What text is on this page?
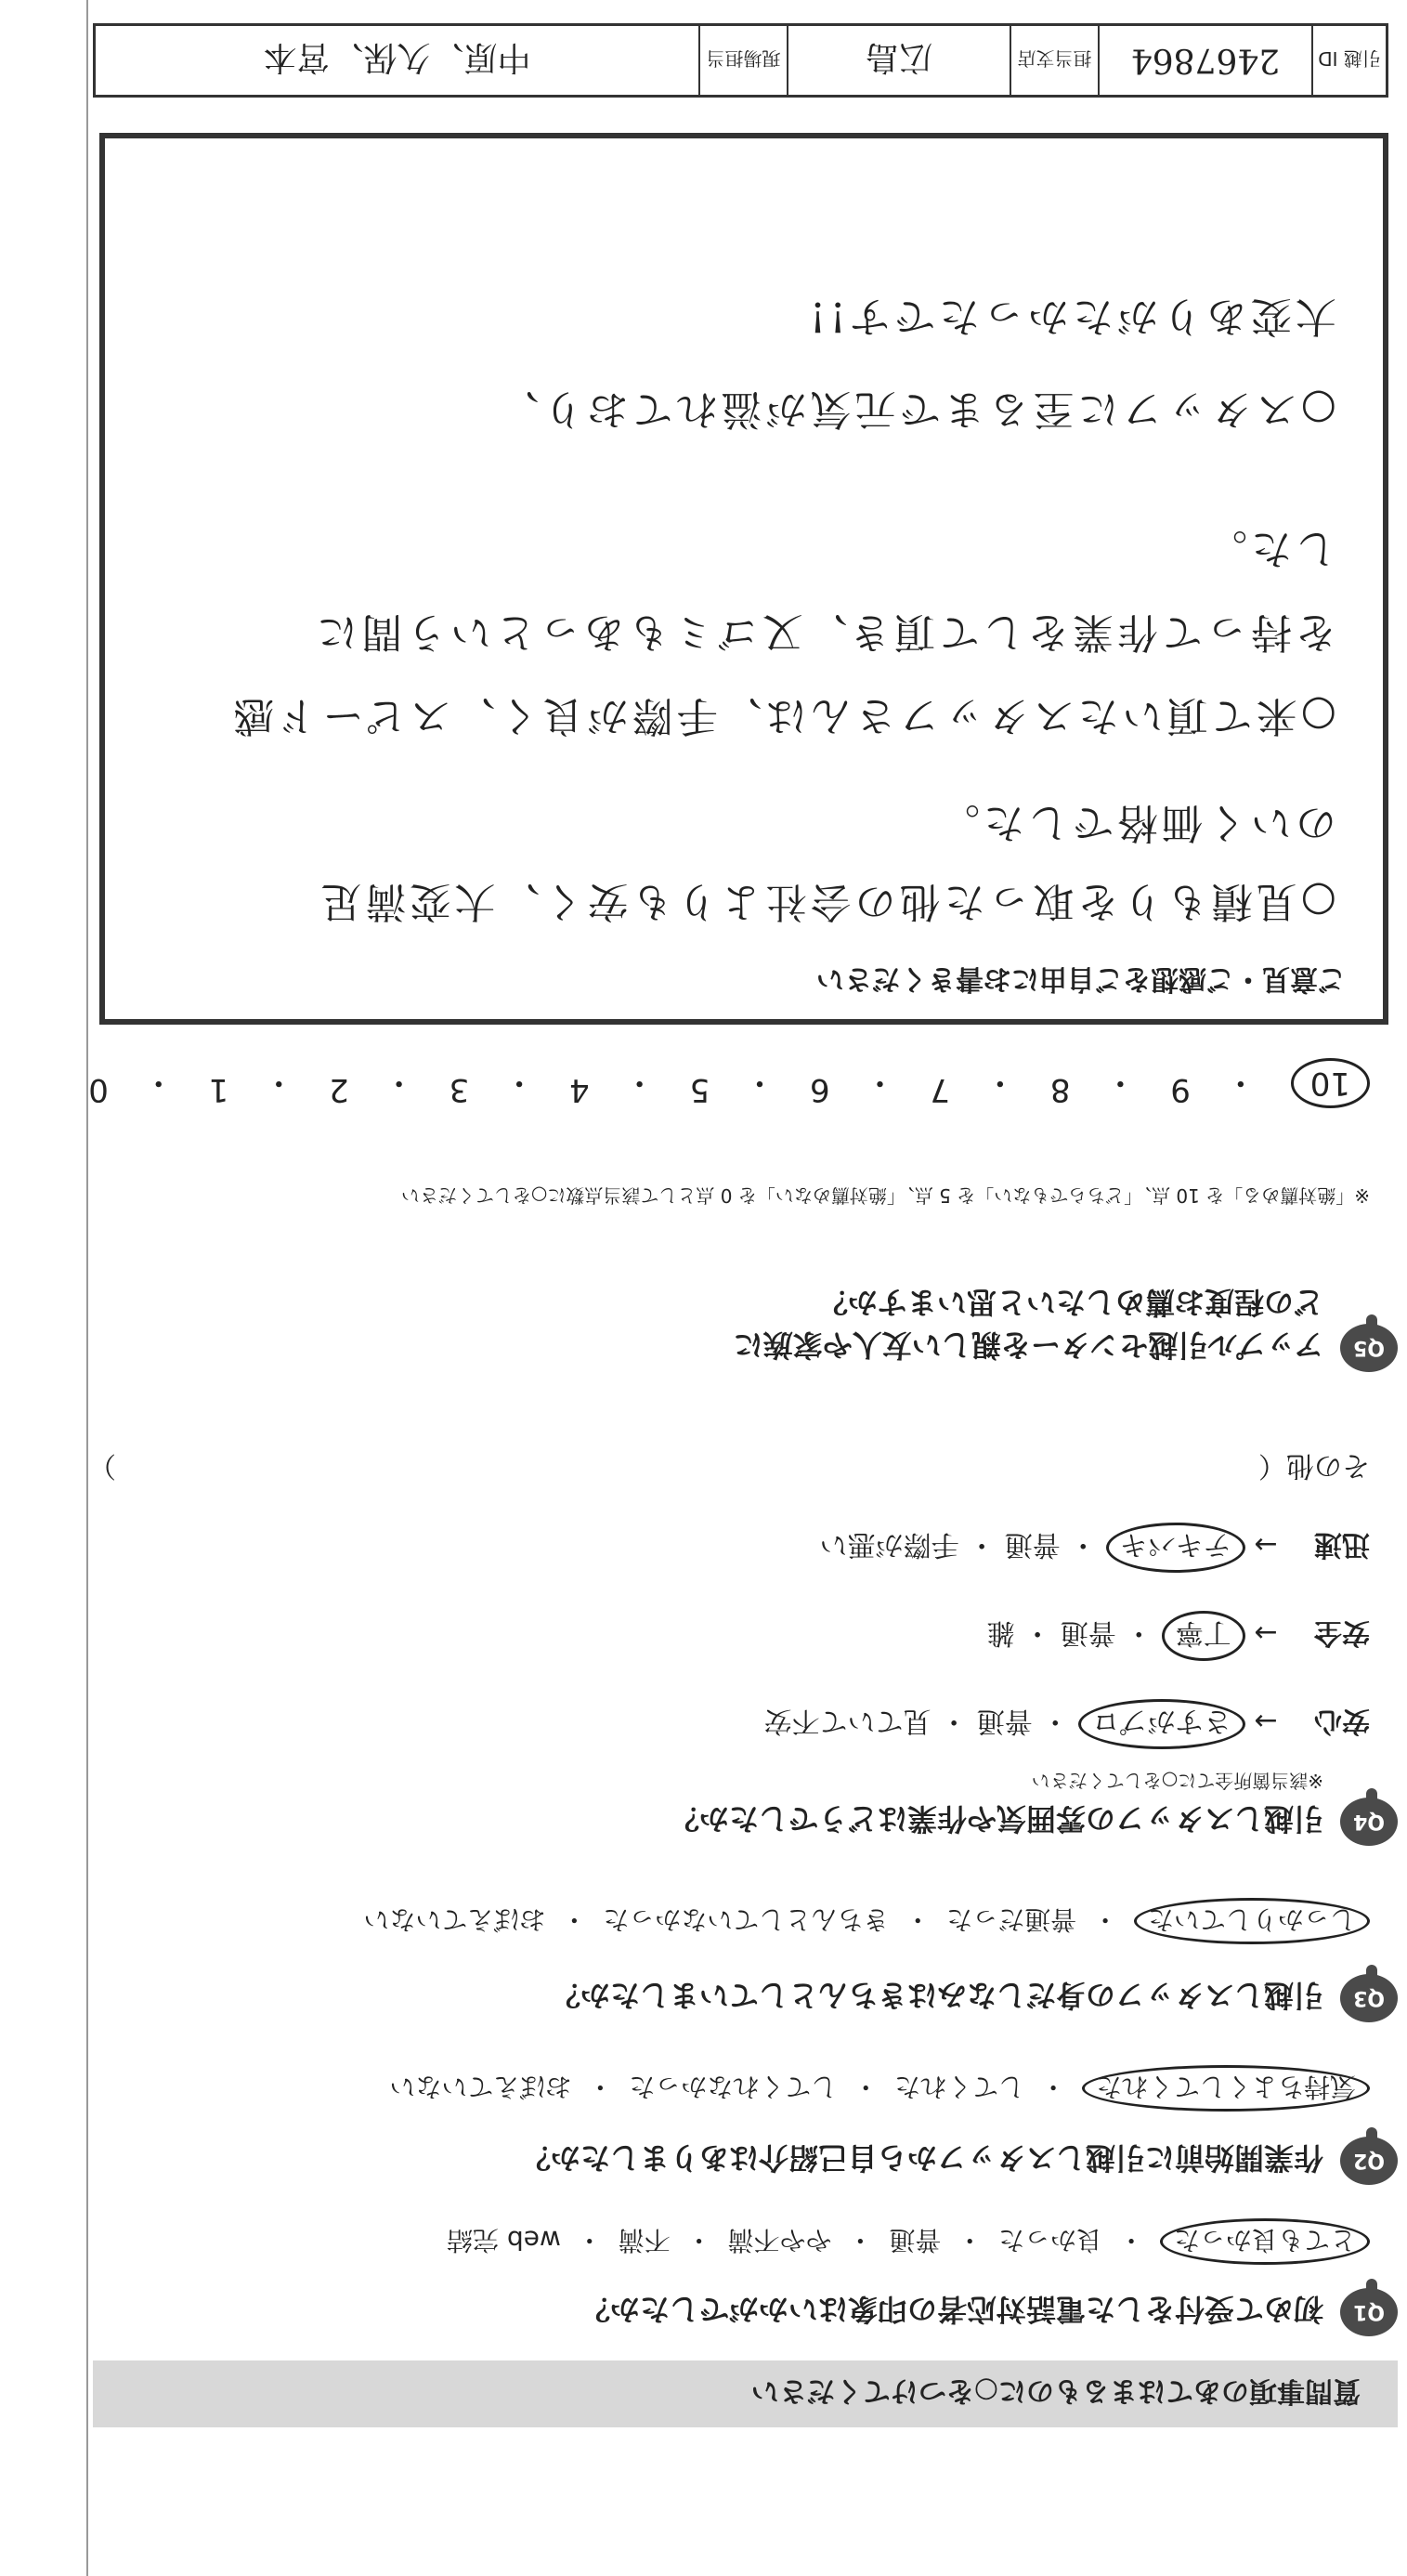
質問事項のあてはまるものに○をつけてください
Q1
初めて受付をした電話対応者の印象はいかがでしたか？
とても良かった ・ 良かった ・ 普通 ・ やや不満 ・ 不満 ・ web 完結
Q2
作業開始前に引越しスタッフから自己紹介はありましたか？
気持ちよくしてくれた ・ してくれた ・ してくれなかった ・ おぼえていない
Q3
引越しスタッフの身だしなみはきちんとしていましたか？
しっかりしていた ・ 普通だった ・ きちんとしていなかった ・ おぼえていない
Q4
引越しスタッフの雰囲気や作業はどうでしたか？
※該当箇所全てに○をしてください
安心 → さすがプロ ・ 普通 ・ 見ていて不安
安全 → 丁寧 ・ 普通 ・ 雑
迅速 → テキパキ ・ 普通 ・ 手際が悪い
その他（
）
Q5
アップル引越センターを親しい友人や家族に
どの程度お薦めしたいと思いますか？
※「絶対薦める」を 10 点、「どちらでもない」を 5 点、「絶対薦めない」を 0 点として該当点数に○をしてください
10
・
9
・
8
・
7
・
6
・
5
・
4
・
3
・
2
・
1
・
0
ご意見・ご感想をご自由にお書きください
○見積もりを取った他の会社よりも安く、大変満足
のいく価格でした。
○来て頂いたスタッフさんは、手際が良く、スピード感
を持って作業をして頂き、又ゴミもあっという間に
した。
○スタッフに至るまで元気が溢れており、
大変ありがたかったです!!
引越 ID
2467864
担当支店
広島
現場担当
中原、久保、宮本
